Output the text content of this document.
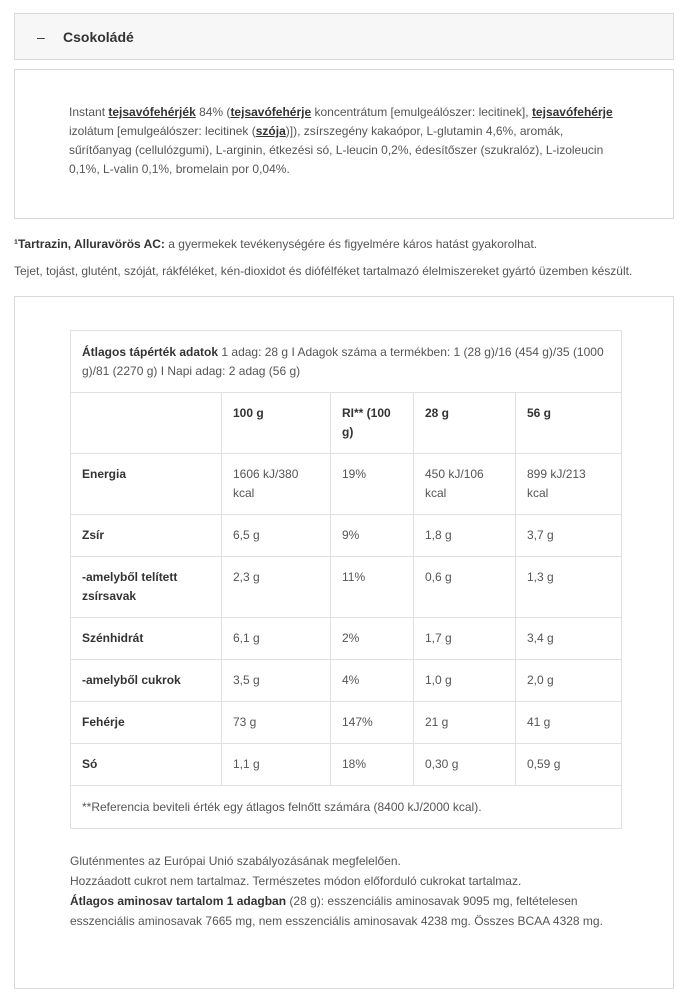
–	Csokoládé
Instant tejsavófehérjék 84% (tejsavófehérje koncentrátum [emulgeálószer: lecitinek], tejsavófehérje izolátum [emulgeálószer: lecitinek (szója)]), zsírszegény kakaópor, L-glutamin 4,6%, aromák, sűrítőanyag (cellulózgumi), L-arginin, étkezési só, L-leucin 0,2%, édesítőszer (szukralóz), L-izoleucin 0,1%, L-valin 0,1%, bromelain por 0,04%.
¹Tartrazin, Alluravörös AC: a gyermekek tevékenységére és figyelmére káros hatást gyakorolhat.
Tejet, tojást, glutént, szóját, rákféléket, kén-dioxidot és diófélféket tartalmazó élelmiszereket gyártó üzemben készült.
Átlagos tápérték adatok 1 adag: 28 g I Adagok száma a termékben: 1 (28 g)/16 (454 g)/35 (1000 g)/81 (2270 g) I Napi adag: 2 adag (56 g)				
	100 g	RI** (100 g)	28 g	56 g
Energia	1606 kJ/380 kcal	19%	450 kJ/106 kcal	899 kJ/213 kcal
Zsír	6,5 g	9%	1,8 g	3,7 g
-amelyből telített zsírsavak	2,3 g	11%	0,6 g	1,3 g
Szénhidrát	6,1 g	2%	1,7 g	3,4 g
-amelyből cukrok	3,5 g	4%	1,0 g	2,0 g
Fehérje	73 g	147%	21 g	41 g
Só	1,1 g	18%	0,30 g	0,59 g
**Referencia beviteli érték egy átlagos felnőtt számára (8400 kJ/2000 kcal).				
Gluténmentes az Európai Unió szabályozásának megfelelően.
Hozzáadott cukrot nem tartalmaz. Természetes módon előforduló cukrokat tartalmaz.
Átlagos aminosav tartalom 1 adagban (28 g): esszenciális aminosavak 9095 mg, feltételesen esszenciális aminosavak 7665 mg, nem esszenciális aminosavak 4238 mg. Összes BCAA 4328 mg.
